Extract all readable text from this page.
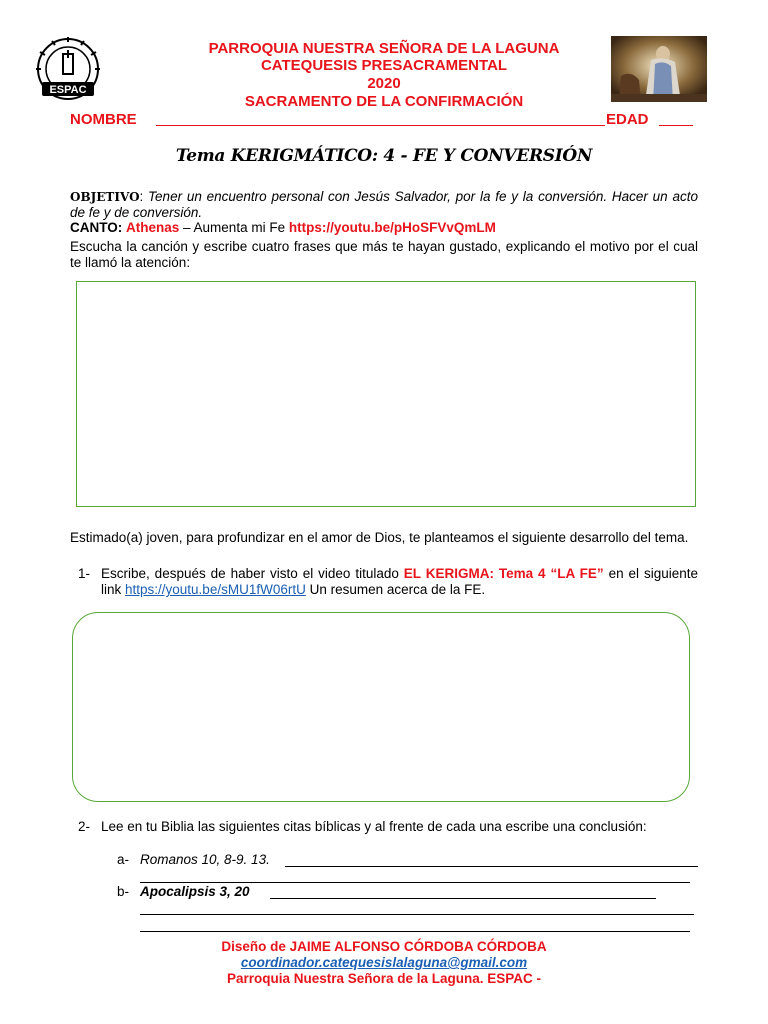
ESPAC
PARROQUIA NUESTRA SEÑORA DE LA LAGUNA
CATEQUESIS PRESACRAMENTAL
2020
SACRAMENTO DE LA CONFIRMACIÓN
NOMBRE	EDAD
Tema KERIGMÁTICO: 4 - FE Y CONVERSIÓN
OBJETIVO: Tener un encuentro personal con Jesús Salvador, por la fe y la conversión. Hacer un acto de fe y de conversión.
CANTO: Athenas – Aumenta mi Fe https://youtu.be/pHoSFVvQmLM
Escucha la canción y escribe cuatro frases que más te hayan gustado, explicando el motivo por el cual te llamó la atención:
Estimado(a) joven, para profundizar en el amor de Dios, te planteamos el siguiente desarrollo del tema.
1- Escribe, después de haber visto el video titulado EL KERIGMA: Tema 4 “LA FE” en el siguiente link https://youtu.be/sMU1fW06rtU Un resumen acerca de la FE.
2- Lee en tu Biblia las siguientes citas bíblicas y al frente de cada una escribe una conclusión:
a- Romanos 10, 8-9. 13.
b- Apocalipsis 3, 20
Diseño de JAIME ALFONSO CÓRDOBA CÓRDOBA
coordinador.catequesislalaguna@gmail.com
Parroquia Nuestra Señora de la Laguna. ESPAC -
